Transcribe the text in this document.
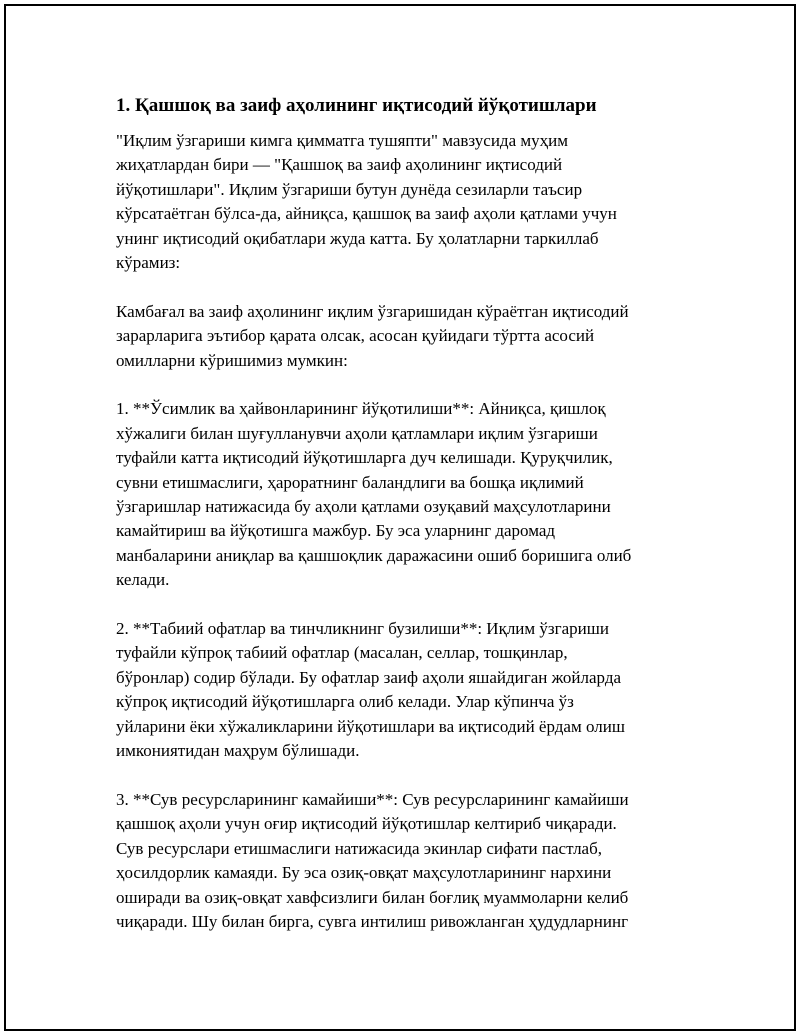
1. Қашшоқ ва заиф аҳолининг иқтисодий йўқотишлари
"Иқлим ўзгариши кимга қимматга тушяпти" мавзусида муҳим
жиҳатлардан бири — "Қашшоқ ва заиф аҳолининг иқтисодий
йўқотишлари". Иқлим ўзгариши бутун дунёда сезиларли таъсир
кўрсатаётган бўлса-да, айниқса, қашшоқ ва заиф аҳоли қатлами учун
унинг иқтисодий оқибатлари жуда катта. Бу ҳолатларни таркиллаб
кўрамиз:
Камбағал ва заиф аҳолининг иқлим ўзгаришидан кўраётган иқтисодий
зарарларига эътибор қарата олсак, асосан қуйидаги тўртта асосий
омилларни кўришимиз мумкин:
1. **Ўсимлик ва ҳайвонларининг йўқотилиши**: Айниқса, қишлоқ
хўжалиги билан шуғулланувчи аҳоли қатламлари иқлим ўзгариши
туфайли катта иқтисодий йўқотишларга дуч келишади. Қуруқчилик,
сувни етишмаслиги, ҳароратнинг баландлиги ва бошқа иқлимий
ўзгаришлар натижасида бу аҳоли қатлами озуқавий маҳсулотларини
камайтириш ва йўқотишга мажбур. Бу эса уларнинг даромад
манбаларини аниқлар ва қашшоқлик даражасини ошиб боришига олиб
келади.
2. **Табиий офатлар ва тинчликнинг бузилиши**: Иқлим ўзгариши
туфайли кўпроқ табиий офатлар (масалан, селлар, тошқинлар,
бўронлар) содир бўлади. Бу офатлар заиф аҳоли яшайдиган жойларда
кўпроқ иқтисодий йўқотишларга олиб келади. Улар кўпинча ўз
уйларини ёки хўжаликларини йўқотишлари ва иқтисодий ёрдам олиш
имкониятидан маҳрум бўлишади.
3. **Сув ресурсларининг камайиши**: Сув ресурсларининг камайиши
қашшоқ аҳоли учун оғир иқтисодий йўқотишлар келтириб чиқаради.
Сув ресурслари етишмаслиги натижасида экинлар сифати пастлаб,
ҳосилдорлик камаяди. Бу эса озиқ-овқат маҳсулотларининг нархини
оширади ва озиқ-овқат хавфсизлиги билан боғлиқ муаммоларни келиб
чиқаради. Шу билан бирга, сувга интилиш ривожланган ҳудудларнинг
